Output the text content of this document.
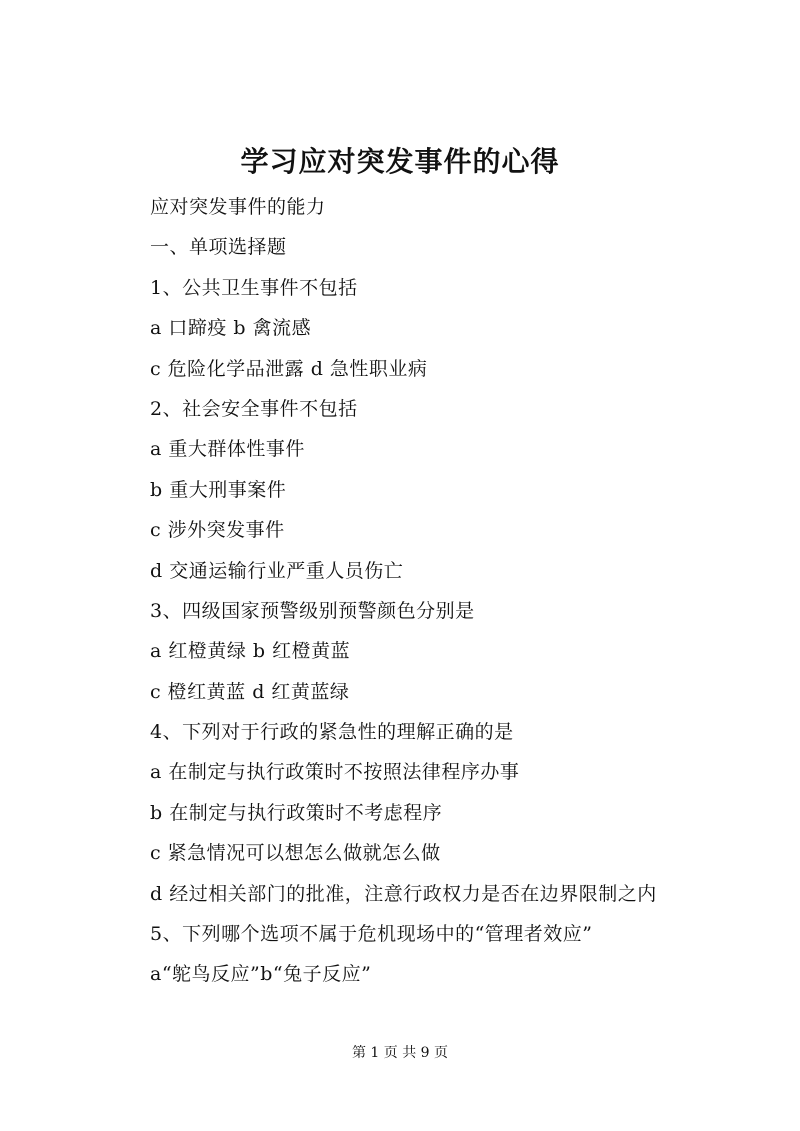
学习应对突发事件的心得
应对突发事件的能力
一、单项选择题
1、公共卫生事件不包括
a 口蹄疫 b 禽流感
c 危险化学品泄露 d 急性职业病
2、社会安全事件不包括
a 重大群体性事件
b 重大刑事案件
c 涉外突发事件
d 交通运输行业严重人员伤亡
3、四级国家预警级别预警颜色分别是
a 红橙黄绿 b 红橙黄蓝
c 橙红黄蓝 d 红黄蓝绿
4、下列对于行政的紧急性的理解正确的是
a 在制定与执行政策时不按照法律程序办事
b 在制定与执行政策时不考虑程序
c 紧急情况可以想怎么做就怎么做
d 经过相关部门的批准，注意行政权力是否在边界限制之内
5、下列哪个选项不属于危机现场中的“管理者效应”
a“鸵鸟反应”b“兔子反应”
第 1 页 共 9 页
